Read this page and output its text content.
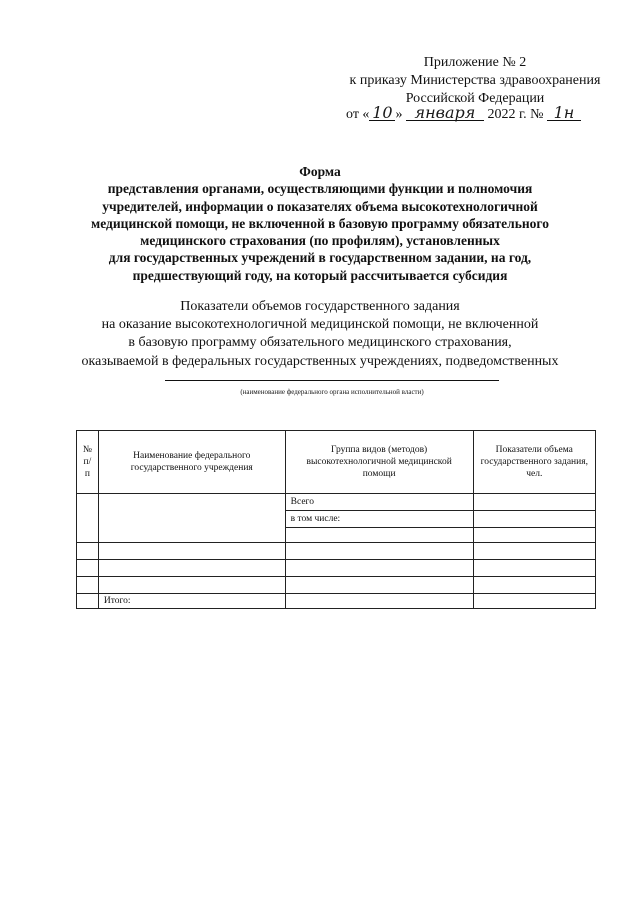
Приложение № 2
к приказу Министерства здравоохранения
Российской Федерации
от « 10 » января 2022 г. № 1н
Форма
представления органами, осуществляющими функции и полномочия
учредителей, информации о показателях объема высокотехнологичной
медицинской помощи, не включенной в базовую программу обязательного
медицинского страхования (по профилям), установленных
для государственных учреждений в государственном задании, на год,
предшествующий году, на который рассчитывается субсидия
Показатели объемов государственного задания
на оказание высокотехнологичной медицинской помощи, не включенной
в базовую программу обязательного медицинского страхования,
оказываемой в федеральных государственных учреждениях, подведомственных
(наименование федерального органа исполнительной власти)
№ п/п	Наименование федерального государственного учреждения	Группа видов (методов) высокотехнологичной медицинской помощи	Показатели объема государственного задания, чел.
		Всего	
		в том числе:	

	Итого:		
